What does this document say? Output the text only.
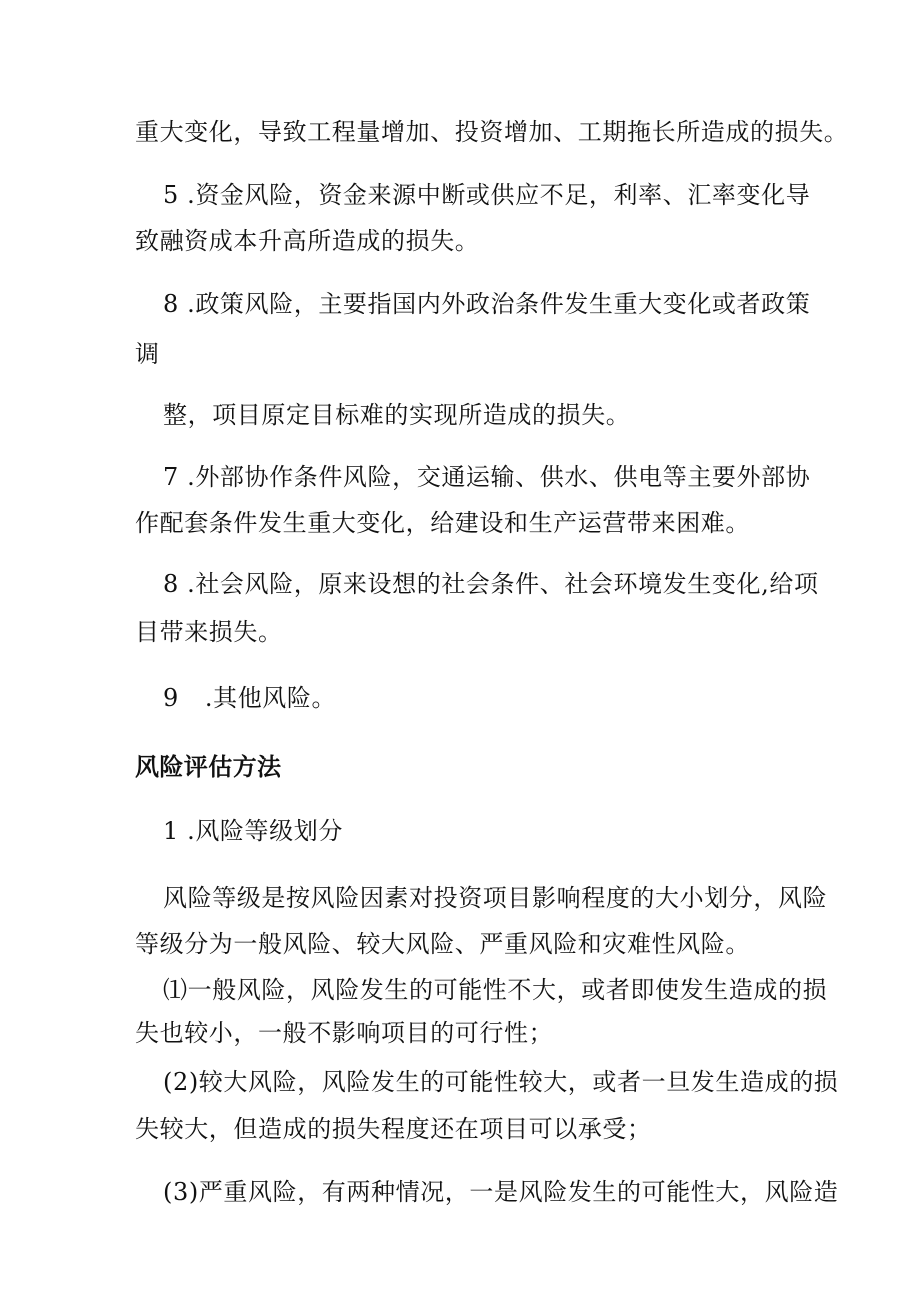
重大变化，导致工程量增加、投资增加、工期拖长所造成的损失。
5 .资金风险，资金来源中断或供应不足，利率、汇率变化导
致融资成本升高所造成的损失。
8 .政策风险，主要指国内外政治条件发生重大变化或者政策
调
整，项目原定目标难的实现所造成的损失。
7 .外部协作条件风险，交通运输、供水、供电等主要外部协
作配套条件发生重大变化，给建设和生产运营带来困难。
8 .社会风险，原来设想的社会条件、社会环境发生变化,给项
目带来损失。
9 .其他风险。
风险评估方法
1 .风险等级划分
风险等级是按风险因素对投资项目影响程度的大小划分，风险
等级分为一般风险、较大风险、严重风险和灾难性风险。
⑴一般风险，风险发生的可能性不大，或者即使发生造成的损
失也较小，一般不影响项目的可行性；
(2)较大风险，风险发生的可能性较大，或者一旦发生造成的损
失较大，但造成的损失程度还在项目可以承受；
(3)严重风险，有两种情况，一是风险发生的可能性大，风险造
